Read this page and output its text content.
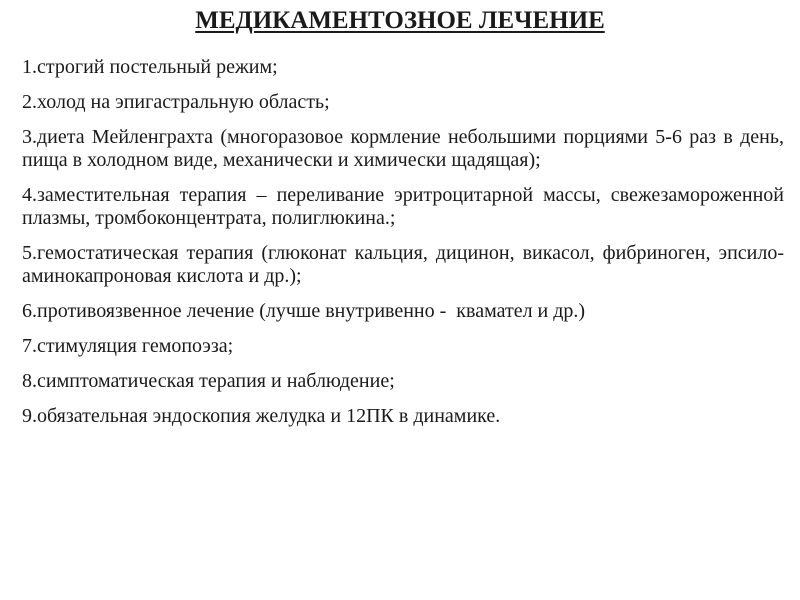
МЕДИКАМЕНТОЗНОЕ ЛЕЧЕНИЕ
1.строгий постельный режим;
2.холод на эпигастральную область;
3.диета Мейленграхта (многоразовое кормление небольшими порциями 5-6 раз в день, пища в холодном виде, механически и химически щадящая);
4.заместительная терапия – переливание эритроцитарной массы, свежезамороженной плазмы, тромбоконцентрата, полиглюкина.;
5.гемостатическая терапия (глюконат кальция, дицинон, викасол, фибриноген, эпсило-аминокапроновая кислота и др.);
6.противоязвенное лечение (лучше внутривенно -  квамател и др.)
7.стимуляция гемопоэза;
8.симптоматическая терапия и наблюдение;
9.обязательная эндоскопия желудка и 12ПК в динамике.
